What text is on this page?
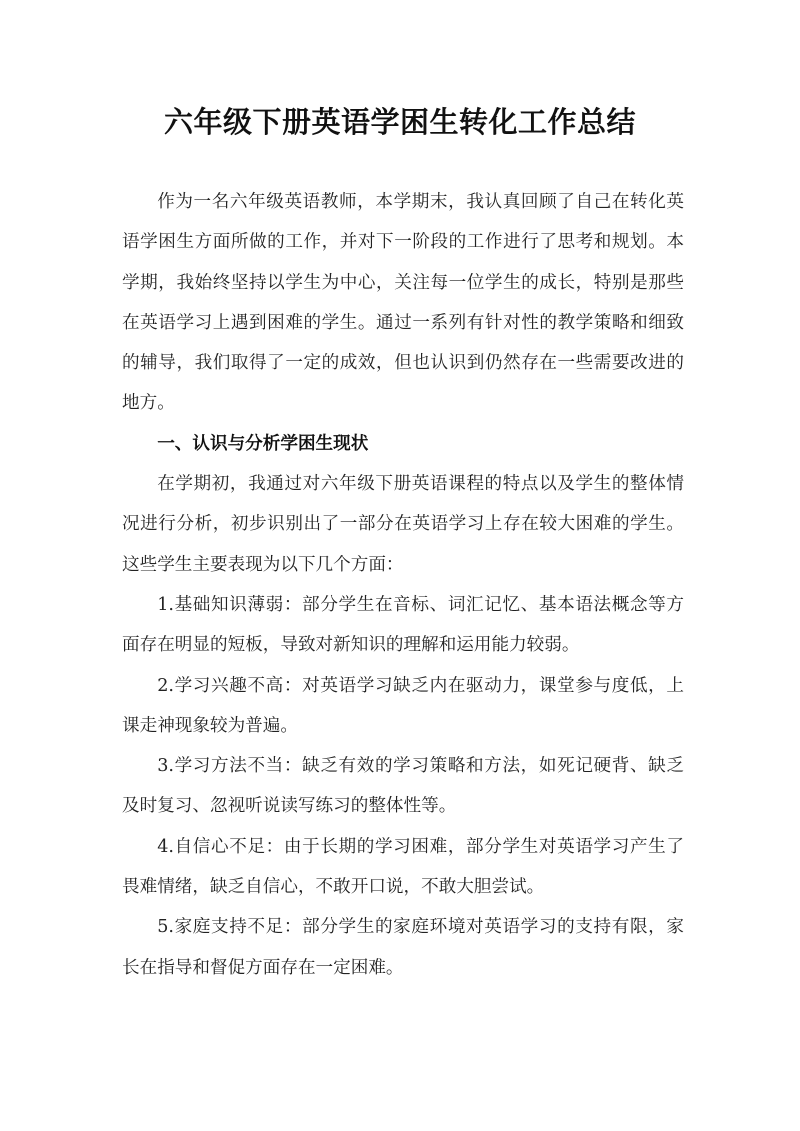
六年级下册英语学困生转化工作总结

作为一名六年级英语教师，本学期末，我认真回顾了自己在转化英语学困生方面所做的工作，并对下一阶段的工作进行了思考和规划。本学期，我始终坚持以学生为中心，关注每一位学生的成长，特别是那些在英语学习上遇到困难的学生。通过一系列有针对性的教学策略和细致的辅导，我们取得了一定的成效，但也认识到仍然存在一些需要改进的地方。

一、认识与分析学困生现状

在学期初，我通过对六年级下册英语课程的特点以及学生的整体情况进行分析，初步识别出了一部分在英语学习上存在较大困难的学生。这些学生主要表现为以下几个方面：

1.基础知识薄弱：部分学生在音标、词汇记忆、基本语法概念等方面存在明显的短板，导致对新知识的理解和运用能力较弱。

2.学习兴趣不高：对英语学习缺乏内在驱动力，课堂参与度低，上课走神现象较为普遍。

3.学习方法不当：缺乏有效的学习策略和方法，如死记硬背、缺乏及时复习、忽视听说读写练习的整体性等。

4.自信心不足：由于长期的学习困难，部分学生对英语学习产生了畏难情绪，缺乏自信心，不敢开口说，不敢大胆尝试。

5.家庭支持不足：部分学生的家庭环境对英语学习的支持有限，家长在指导和督促方面存在一定困难。
